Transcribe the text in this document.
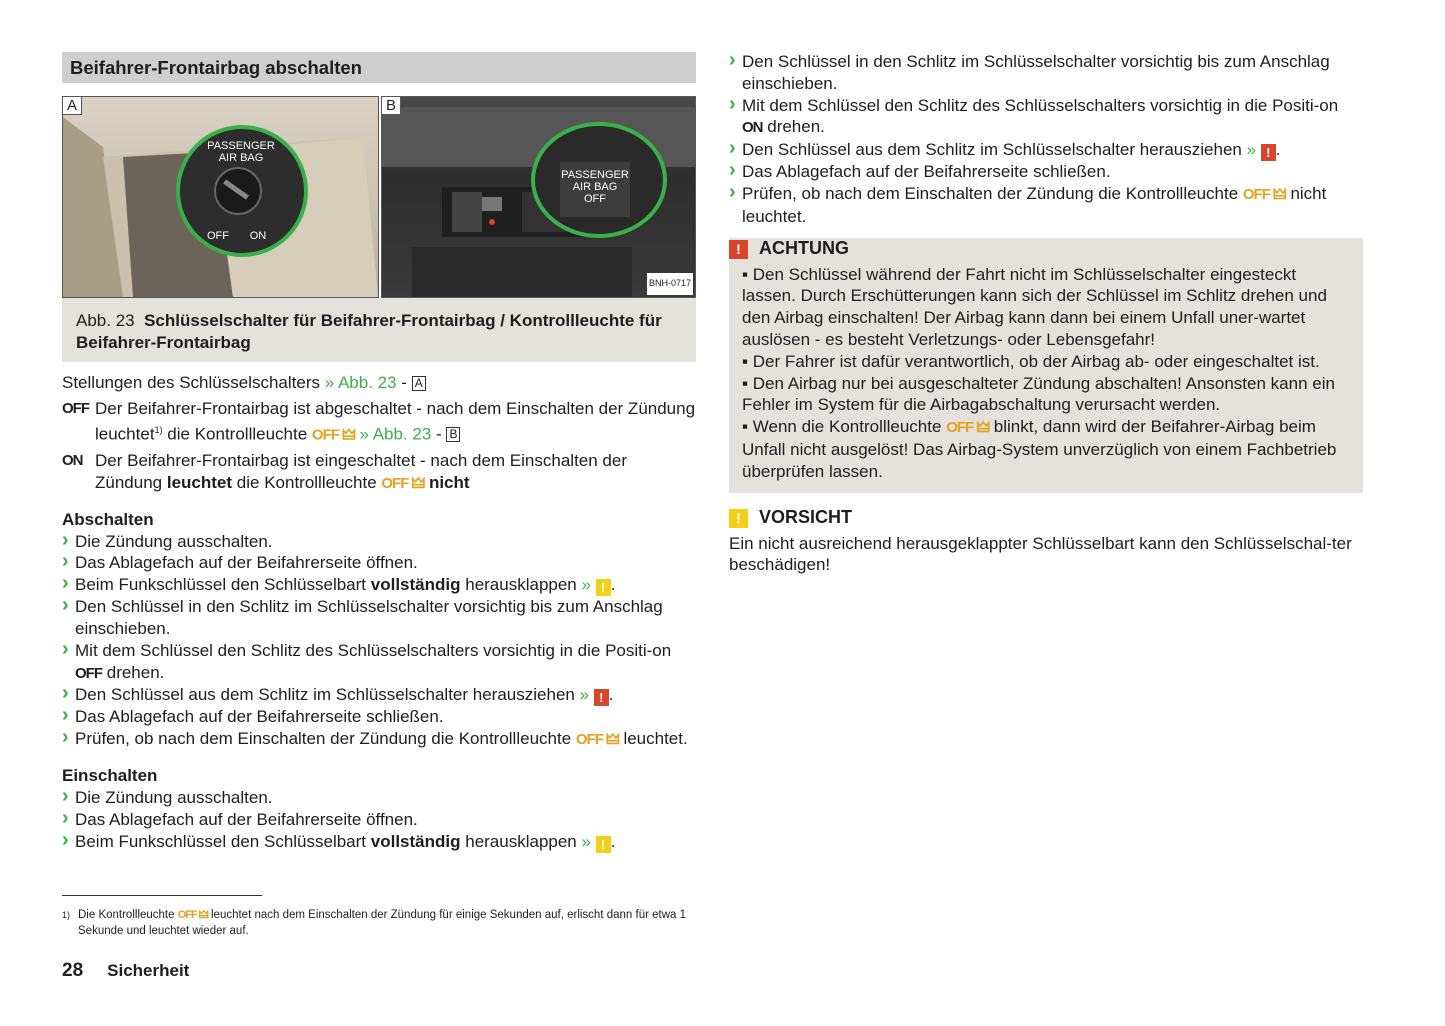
Beifahrer-Frontairbag abschalten
PASSENGER
AIR BAG
OFF	ON
A
PASSENGER
AIR BAG
OFF
B
BNH-0717
Abb. 23 Schlüsselschalter für Beifahrer-Frontairbag / Kontrollleuchte für Beifahrer-Frontairbag

Stellungen des Schlüsselschalters » Abb. 23 - A

OFF Der Beifahrer-Frontairbag ist abgeschaltet - nach dem Einschalten der Zündung leuchtet$^{1)}$ die Kontrollleuchte OFF 🜲 » Abb. 23 - B
ON Der Beifahrer-Frontairbag ist eingeschaltet - nach dem Einschalten der Zündung leuchtet die Kontrollleuchte OFF 🜲 nicht
Abschalten
› Die Zündung ausschalten.
› Das Ablagefach auf der Beifahrerseite öffnen.
› Beim Funkschlüssel den Schlüsselbart vollständig herausklappen » ! .
› Den Schlüssel in den Schlitz im Schlüsselschalter vorsichtig bis zum Anschlag einschieben.
› Mit dem Schlüssel den Schlitz des Schlüsselschalters vorsichtig in die Positi-on OFF drehen.
› Den Schlüssel aus dem Schlitz im Schlüsselschalter herausziehen » ! .
› Das Ablagefach auf der Beifahrerseite schließen.
› Prüfen, ob nach dem Einschalten der Zündung die Kontrollleuchte OFF 🜲 leuchtet.
Einschalten
› Die Zündung ausschalten.
› Das Ablagefach auf der Beifahrerseite öffnen.
› Beim Funkschlüssel den Schlüsselbart vollständig herausklappen » ! .
1) Die Kontrollleuchte OFF 🜲 leuchtet nach dem Einschalten der Zündung für einige Sekunden auf, erlischt dann für etwa 1 Sekunde und leuchtet wieder auf.
28 Sicherheit
› Den Schlüssel in den Schlitz im Schlüsselschalter vorsichtig bis zum Anschlag einschieben.
› Mit dem Schlüssel den Schlitz des Schlüsselschalters vorsichtig in die Positi-on ON drehen.
› Den Schlüssel aus dem Schlitz im Schlüsselschalter herausziehen » ! .
› Das Ablagefach auf der Beifahrerseite schließen.
› Prüfen, ob nach dem Einschalten der Zündung die Kontrollleuchte OFF 🜲 nicht leuchtet.
!	ACHTUNG

▪ Den Schlüssel während der Fahrt nicht im Schlüsselschalter eingesteckt lassen. Durch Erschütterungen kann sich der Schlüssel im Schlitz drehen und den Airbag einschalten! Der Airbag kann dann bei einem Unfall uner-wartet auslösen - es besteht Verletzungs- oder Lebensgefahr!

▪ Der Fahrer ist dafür verantwortlich, ob der Airbag ab- oder eingeschaltet ist.

▪ Den Airbag nur bei ausgeschalteter Zündung abschalten! Ansonsten kann ein Fehler im System für die Airbagabschaltung verursacht werden.

▪ Wenn die Kontrollleuchte OFF 🜲 blinkt, dann wird der Beifahrer-Airbag beim Unfall nicht ausgelöst! Das Airbag-System unverzüglich von einem Fachbetrieb überprüfen lassen.

!	VORSICHT

Ein nicht ausreichend herausgeklappter Schlüsselbart kann den Schlüsselschal-ter beschädigen!
